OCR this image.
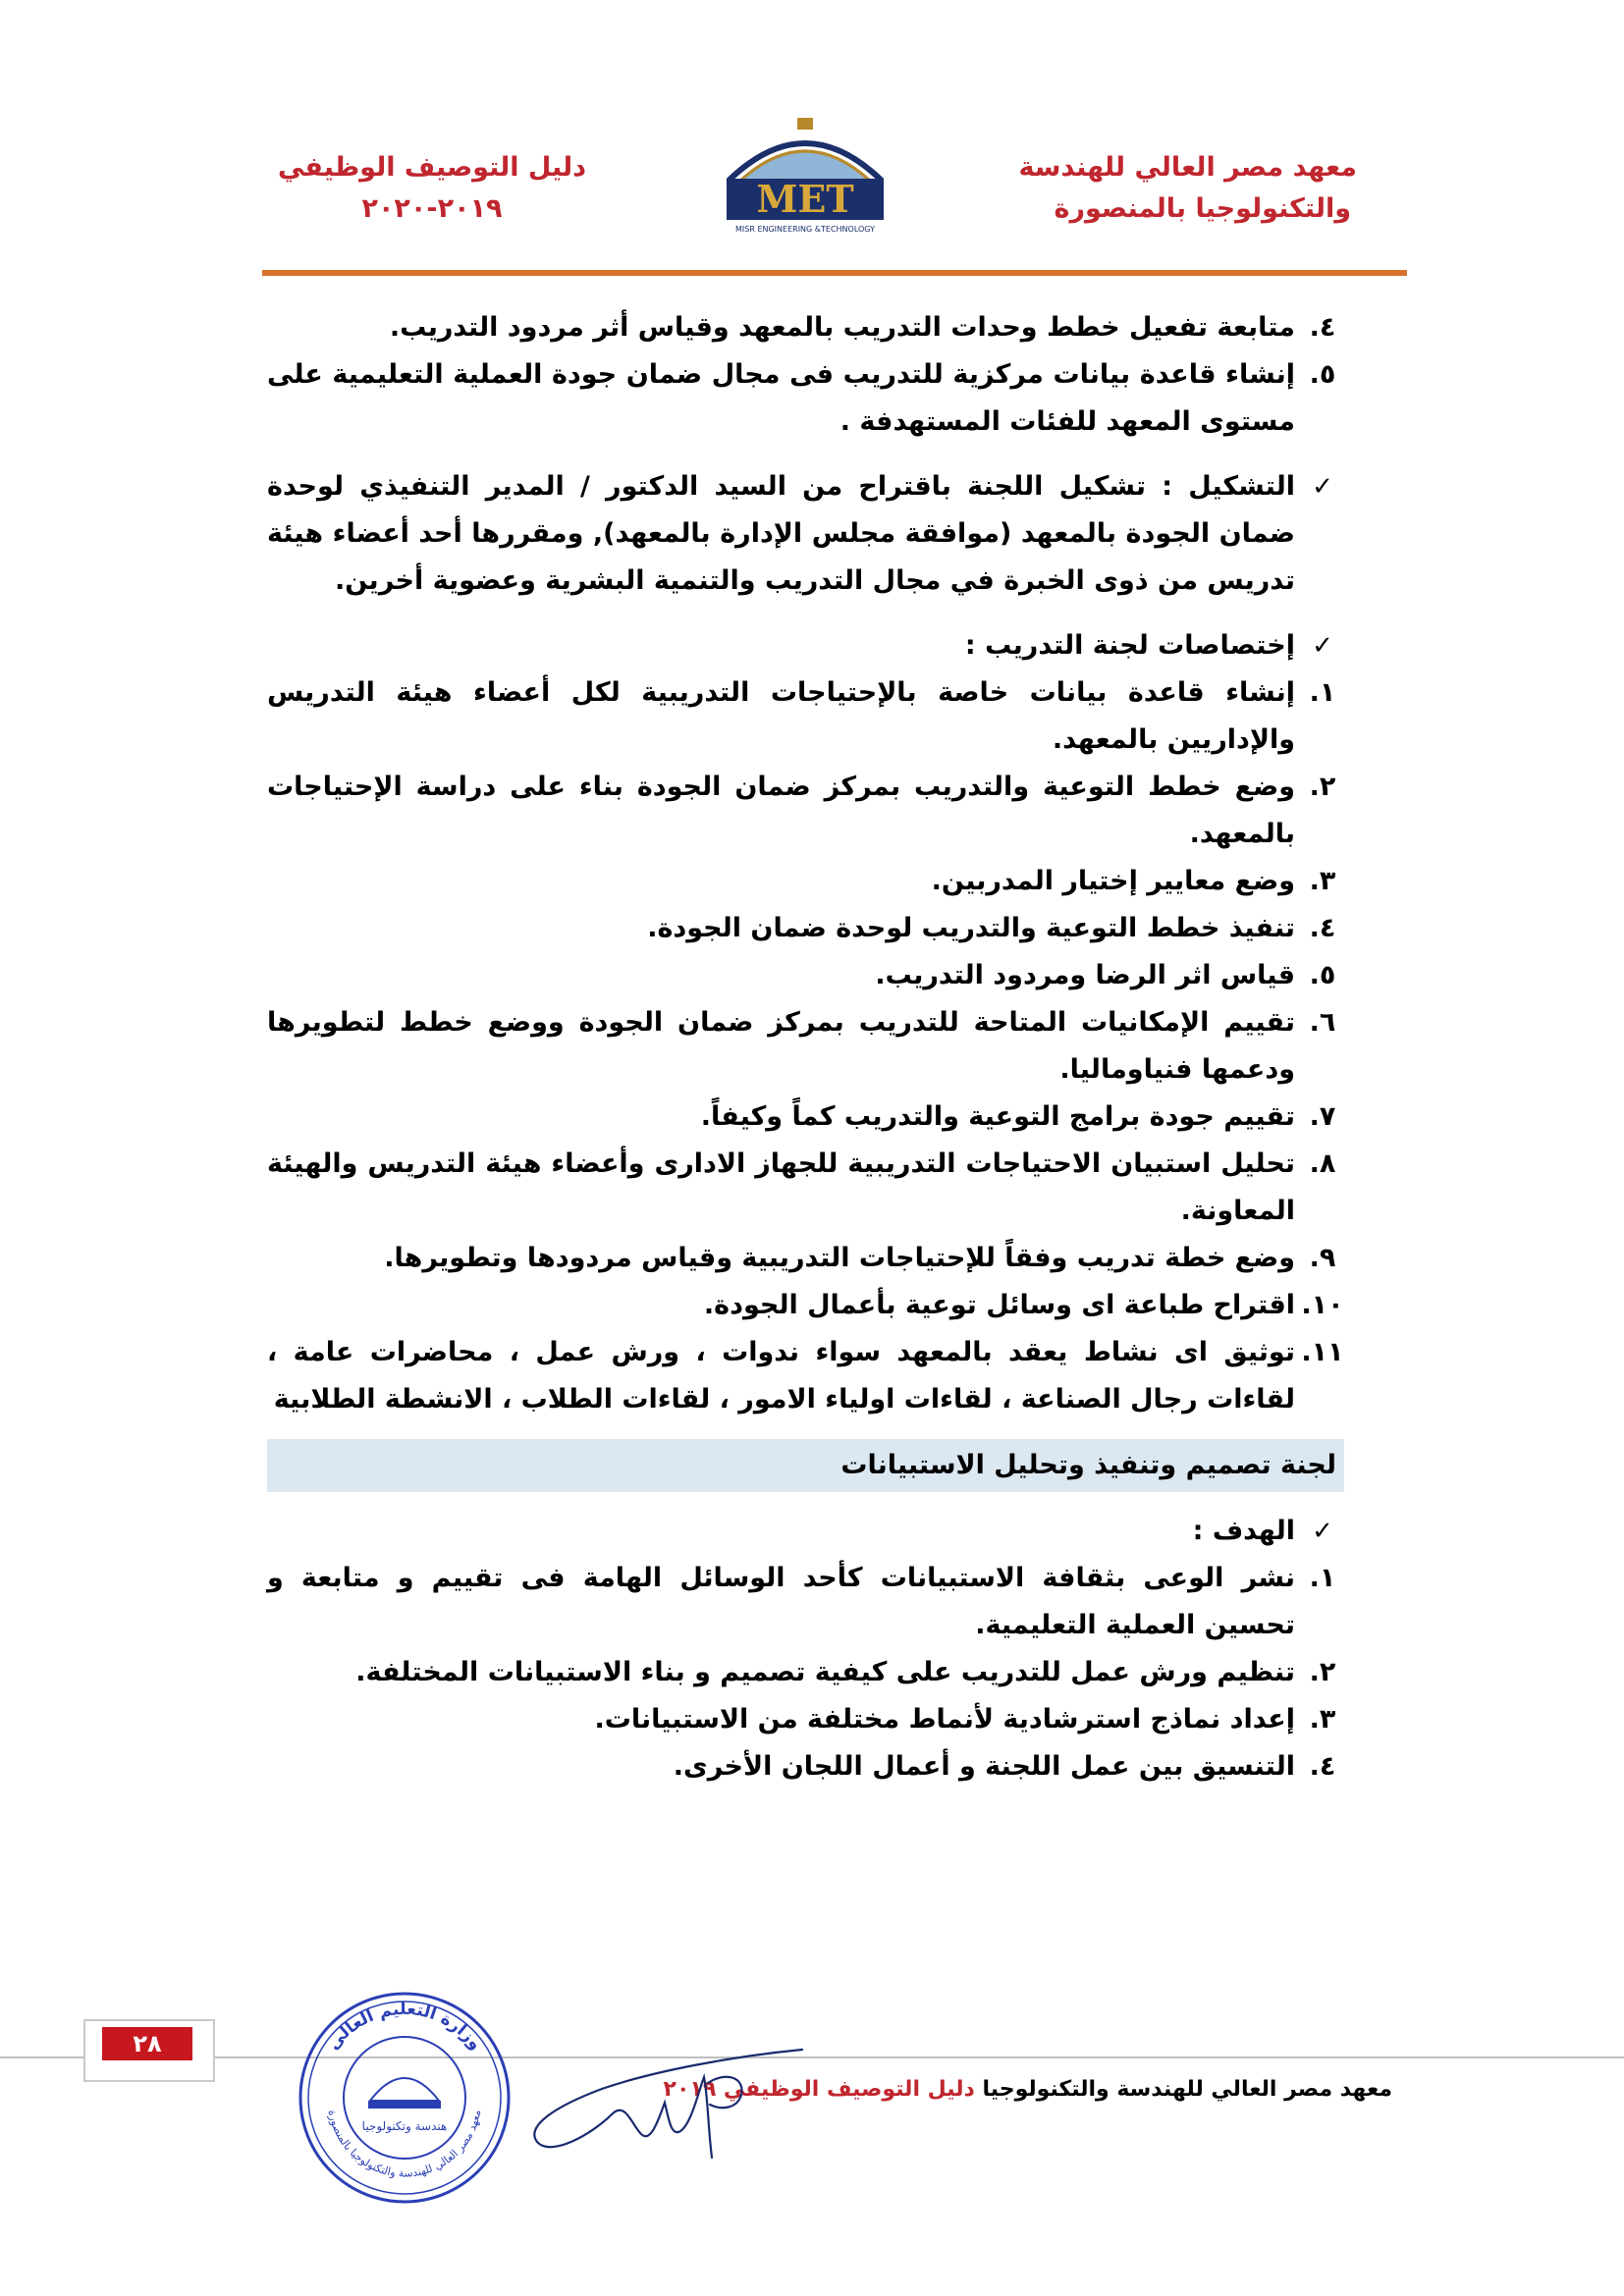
معهد مصر العالي للهندسة
والتكنولوجيا بالمنصورة
MET
MISR ENGINEERING &TECHNOLOGY
دليل التوصيف الوظيفي
٢٠١٩-٢٠٢٠
٤.
متابعة تفعيل خطط وحدات التدريب بالمعهد وقياس أثر مردود التدريب.
٥.
إنشاء قاعدة بيانات مركزية للتدريب فى مجال ضمان جودة العملية التعليمية على مستوى المعهد للفئات المستهدفة .
✓
التشكيل : تشكيل اللجنة باقتراح من السيد الدكتور / المدير التنفيذي لوحدة ضمان الجودة بالمعهد (موافقة مجلس الإدارة بالمعهد), ومقررها أحد أعضاء هيئة تدريس من ذوى الخبرة في مجال التدريب والتنمية البشرية وعضوية أخرين.
✓
إختصاصات لجنة التدريب :
١.
إنشاء قاعدة بيانات خاصة بالإحتياجات التدريبية لكل أعضاء هيئة التدريس والإداريين بالمعهد.
٢.
وضع خطط التوعية والتدريب بمركز ضمان الجودة بناء على دراسة الإحتياجات بالمعهد.
٣.
وضع معايير إختيار المدربين.
٤.
تنفيذ خطط التوعية والتدريب لوحدة ضمان الجودة.
٥.
قياس اثر الرضا ومردود التدريب.
٦.
تقييم الإمكانيات المتاحة للتدريب بمركز ضمان الجودة ووضع خطط لتطويرها ودعمها فنياوماليا.
٧.
تقييم جودة برامج التوعية والتدريب كماً وكيفاً.
٨.
تحليل استبيان الاحتياجات التدريبية للجهاز الادارى وأعضاء هيئة التدريس والهيئة المعاونة.
٩.
وضع خطة تدريب وفقاً للإحتياجات التدريبية وقياس مردودها وتطويرها.
١٠.
اقتراح طباعة اى وسائل توعية بأعمال الجودة.
١١.
توثيق اى نشاط يعقد بالمعهد سواء ندوات ، ورش عمل ، محاضرات عامة ، لقاءات رجال الصناعة ، لقاءات اولياء الامور ، لقاءات الطلاب ، الانشطة الطلابية
لجنة تصميم وتنفيذ وتحليل الاستبيانات
✓
الهدف :
١.
نشر الوعى بثقافة الاستبيانات كأحد الوسائل الهامة فى تقييم و متابعة و تحسين العملية التعليمية.
٢.
تنظيم ورش عمل للتدريب على كيفية تصميم و بناء الاستبيانات المختلفة.
٣.
إعداد نماذج استرشادية لأنماط مختلفة من الاستبيانات.
٤.
التنسيق بين عمل اللجنة و أعمال اللجان الأخرى.
٢٨
معهد مصر العالي للهندسة والتكنولوجيا دليل التوصيف الوظيفي ٢٠١٩
وزارة التعليم العالى
معهد مصر العالي للهندسة والتكنولوجيا بالمنصورة
هندسة وتكنولوجيا
